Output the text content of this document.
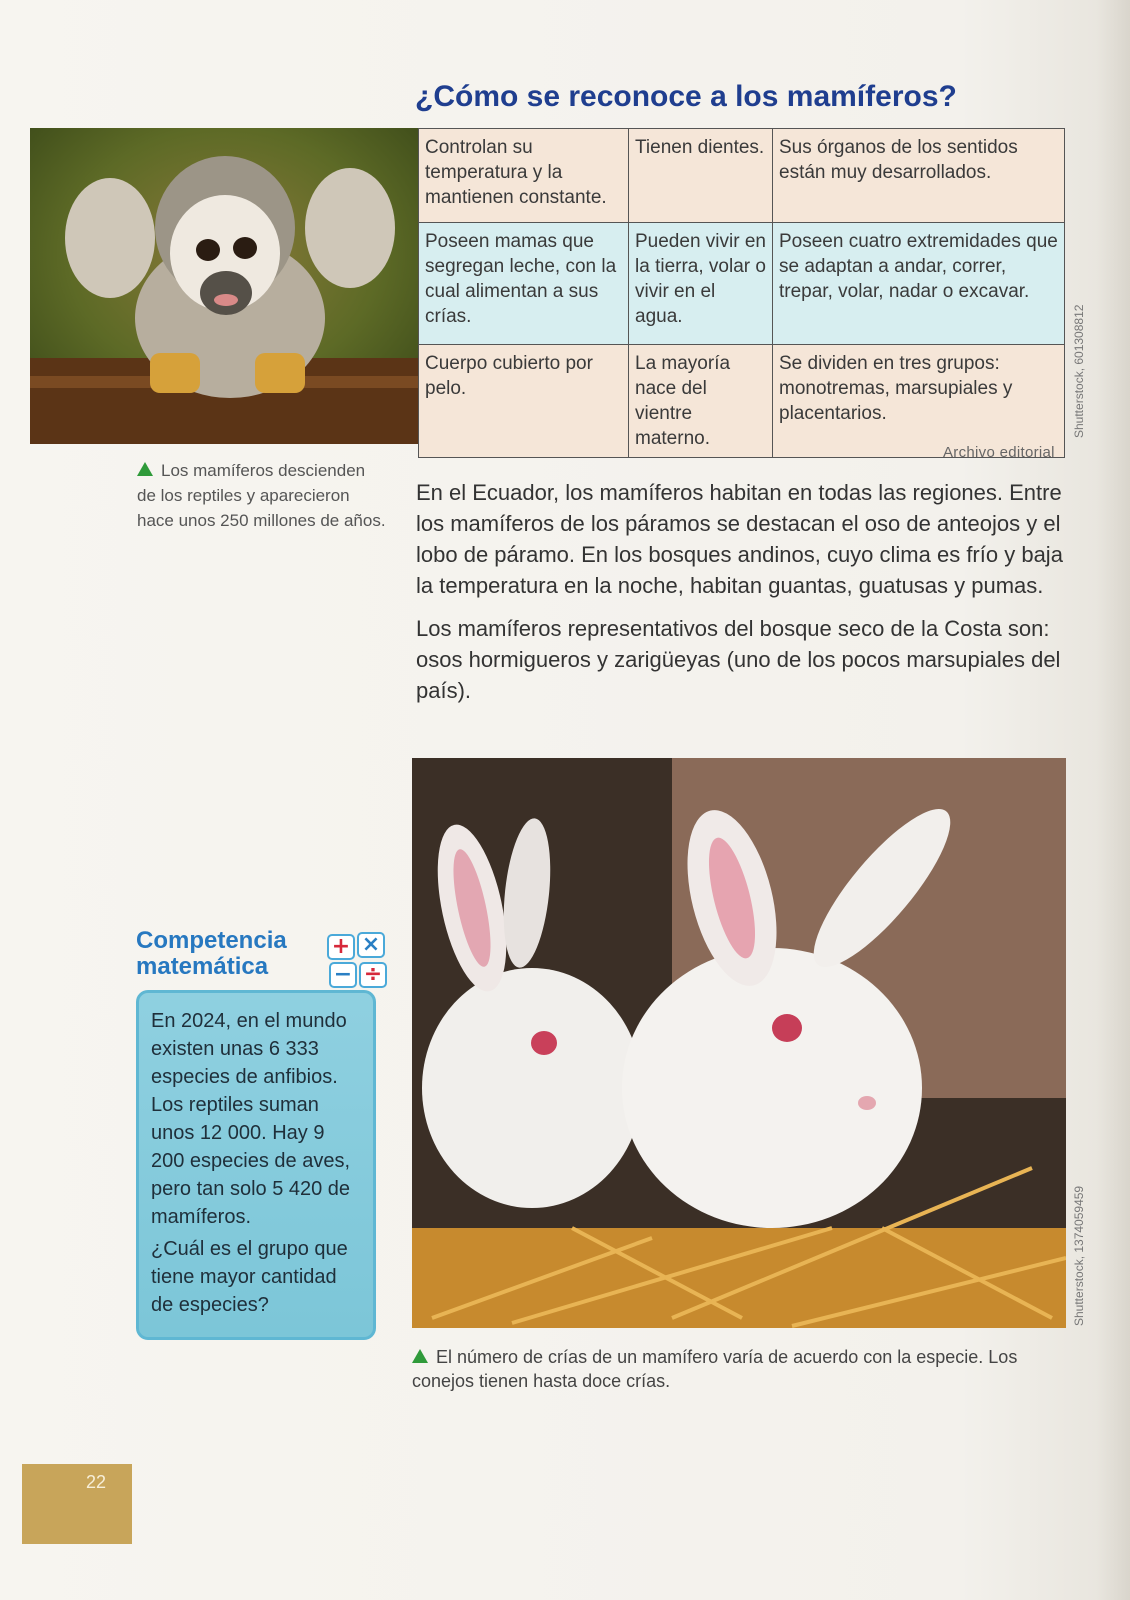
¿Cómo se reconoce a los mamíferos?
Controlan su temperatura y la mantienen constante.	Tienen dientes.	Sus órganos de los sentidos están muy desarrollados.
Poseen mamas que segregan leche, con la cual alimentan a sus crías.	Pueden vivir en la tierra, volar o vivir en el agua.	Poseen cuatro extremidades que se adaptan a andar, correr, trepar, volar, nadar o excavar.
Cuerpo cubierto por pelo.	La mayoría nace del vientre materno.	Se dividen en tres grupos: monotremas, marsupiales y placentarios.	Shutterstock, 601308812
Archivo editorial
Los mamíferos descienden de los reptiles y aparecieron hace unos 250 millones de años.

En el Ecuador, los mamíferos habitan en todas las regiones. Entre los mamíferos de los páramos se destacan el oso de anteojos y el lobo de páramo. En los bosques andinos, cuyo clima es frío y baja la temperatura en la noche, habitan guantas, guatusas y pumas.

Los mamíferos representativos del bosque seco de la Costa son: osos hormigueros y zarigüeyas (uno de los pocos marsupiales del país).

Shutterstock, 1374059459
El número de crías de un mamífero varía de acuerdo con la especie. Los conejos tienen hasta doce crías.
Competencia matemática
+ ×
− ÷

En 2024, en el mundo existen unas 6 333 especies de anfibios. Los reptiles suman unos 12 000. Hay 9 200 especies de aves, pero tan solo 5 420 de mamíferos.

¿Cuál es el grupo que tiene mayor cantidad de especies?

22
